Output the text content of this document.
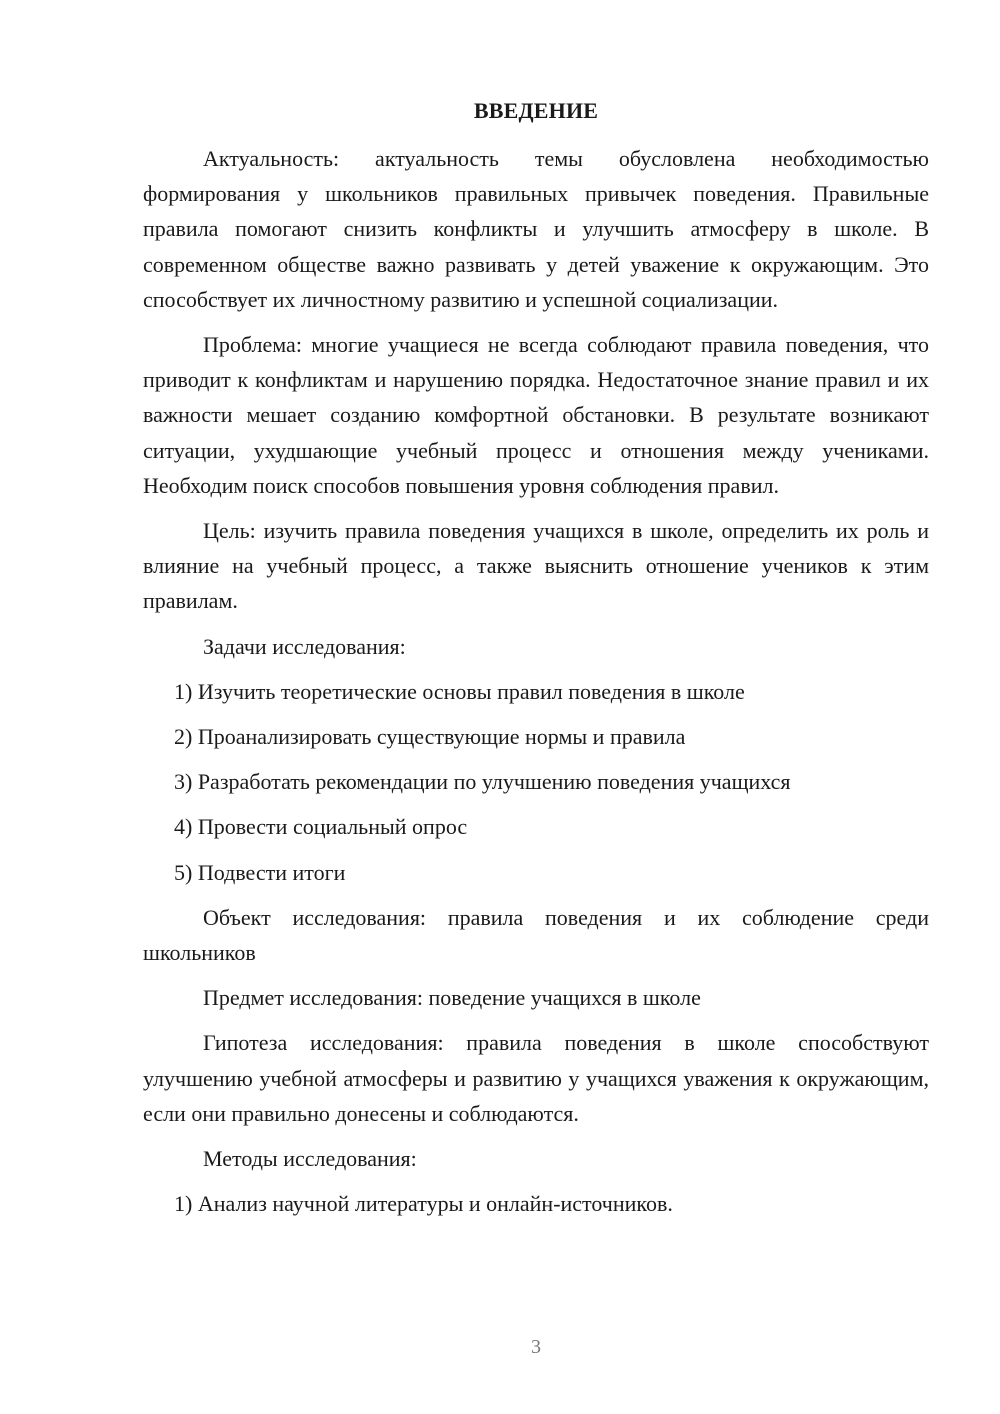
ВВЕДЕНИЕ

Актуальность: актуальность темы обусловлена необходимостью формирования у школьников правильных привычек поведения. Правильные правила помогают снизить конфликты и улучшить атмосферу в школе. В современном обществе важно развивать у детей уважение к окружающим. Это способствует их личностному развитию и успешной социализации.

Проблема: многие учащиеся не всегда соблюдают правила поведения, что приводит к конфликтам и нарушению порядка. Недостаточное знание правил и их важности мешает созданию комфортной обстановки. В результате возникают ситуации, ухудшающие учебный процесс и отношения между учениками. Необходим поиск способов повышения уровня соблюдения правил.

Цель: изучить правила поведения учащихся в школе, определить их роль и влияние на учебный процесс, а также выяснить отношение учеников к этим правилам.

Задачи исследования:

1) Изучить теоретические основы правил поведения в школе

2) Проанализировать существующие нормы и правила

3) Разработать рекомендации по улучшению поведения учащихся

4) Провести социальный опрос

5) Подвести итоги

Объект исследования: правила поведения и их соблюдение среди школьников

Предмет исследования: поведение учащихся в школе

Гипотеза исследования: правила поведения в школе способствуют улучшению учебной атмосферы и развитию у учащихся уважения к окружающим, если они правильно донесены и соблюдаются.

Методы исследования:

1) Анализ научной литературы и онлайн-источников.

3
